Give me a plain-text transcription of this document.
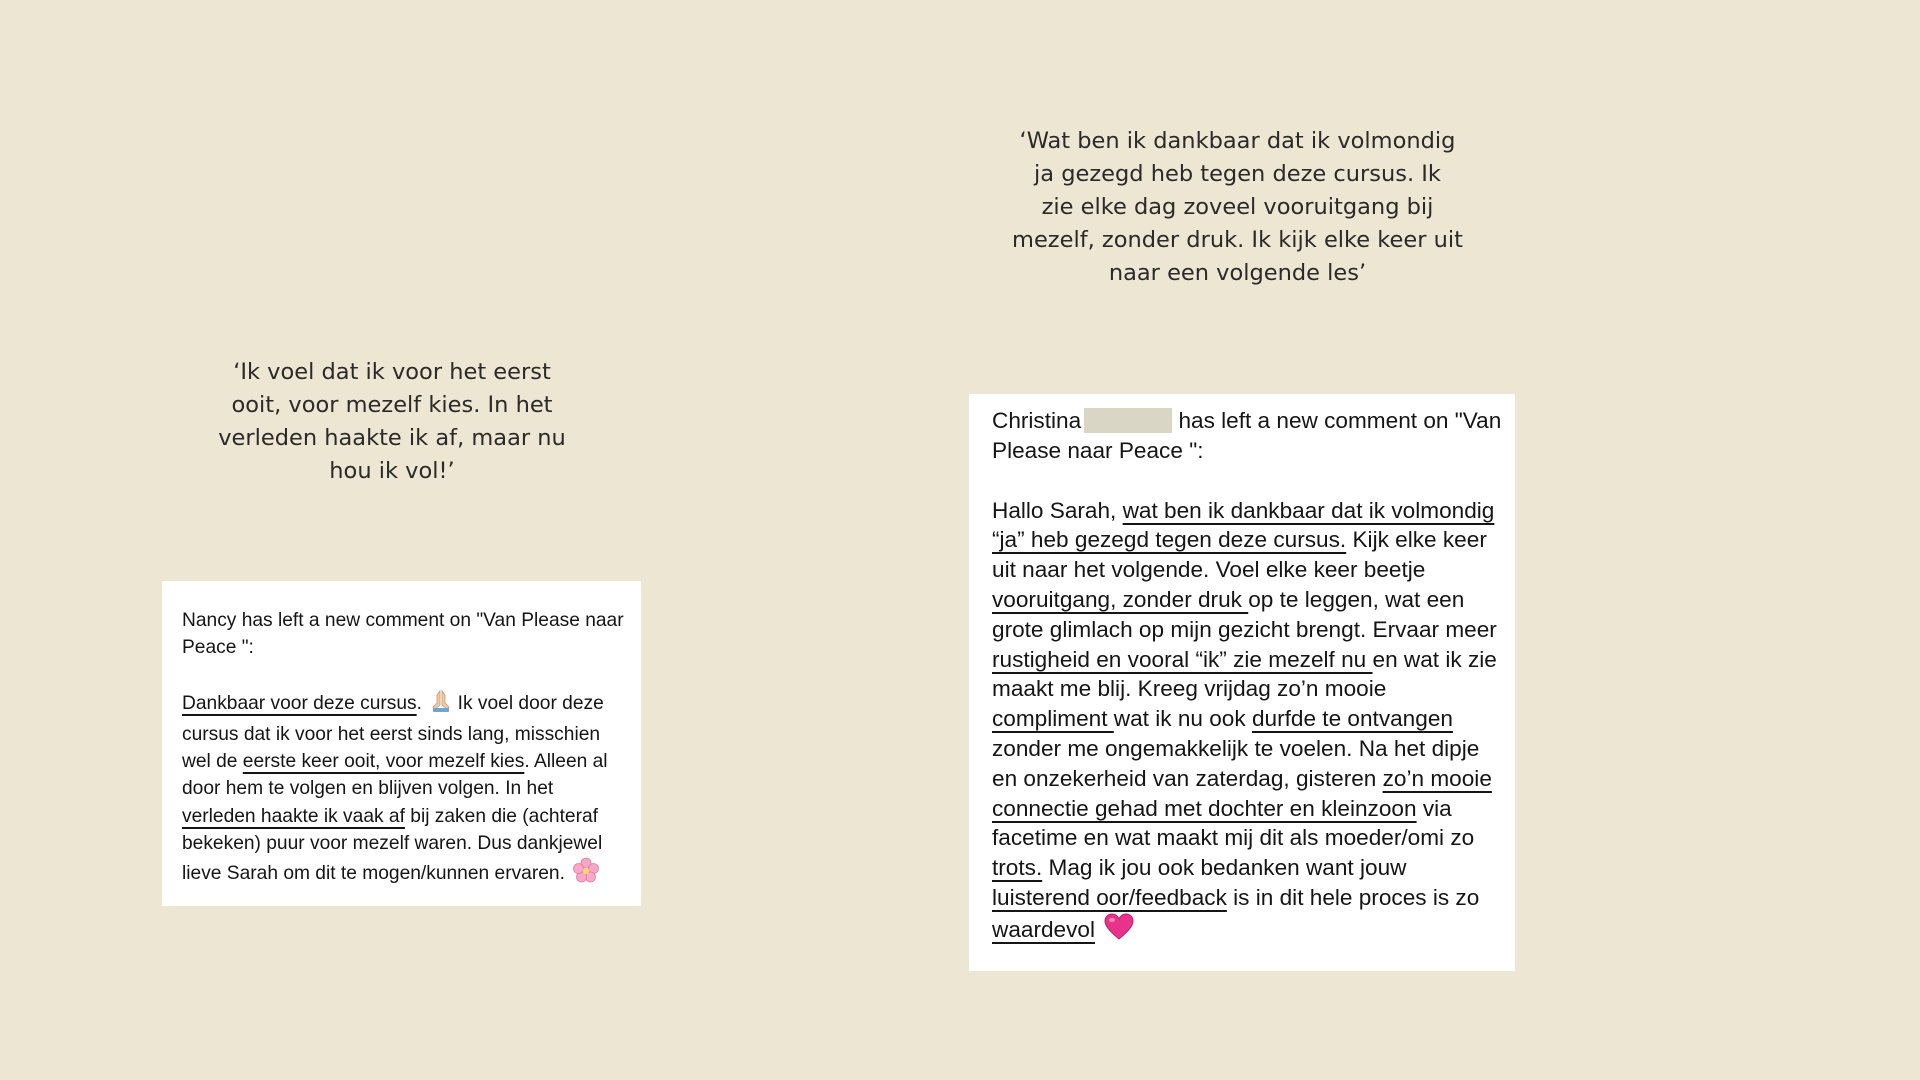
‘Ik voel dat ik voor het eerst
ooit, voor mezelf kies. In het
verleden haakte ik af, maar nu
hou ik vol!’
‘Wat ben ik dankbaar dat ik volmondig
ja gezegd heb tegen deze cursus. Ik
zie elke dag zoveel vooruitgang bij
mezelf, zonder druk. Ik kijk elke keer uit
naar een volgende les’

Nancy has left a new comment on "Van Please naar Peace ":

Dankbaar voor deze cursus.  Ik voel door deze cursus dat ik voor het eerst sinds lang, misschien wel de eerste keer ooit, voor mezelf kies. Alleen al door hem te volgen en blijven volgen. In het verleden haakte ik vaak af bij zaken die (achteraf bekeken) puur voor mezelf waren. Dus dankjewel lieve Sarah om dit te mogen/kunnen ervaren.

Christina	has left a new comment on "Van Please naar Peace ":

Hallo Sarah, wat ben ik dankbaar dat ik volmondig “ja” heb gezegd tegen deze cursus. Kijk elke keer uit naar het volgende. Voel elke keer beetje vooruitgang, zonder druk op te leggen, wat een grote glimlach op mijn gezicht brengt. Ervaar meer rustigheid en vooral “ik” zie mezelf nu en wat ik zie maakt me blij. Kreeg vrijdag zo’n mooie compliment wat ik nu ook durfde te ontvangen zonder me ongemakkelijk te voelen. Na het dipje en onzekerheid van zaterdag, gisteren zo’n mooie connectie gehad met dochter en kleinzoon via facetime en wat maakt mij dit als moeder/omi zo trots. Mag ik jou ook bedanken want jouw luisterend oor/feedback is in dit hele proces is zo waardevol
